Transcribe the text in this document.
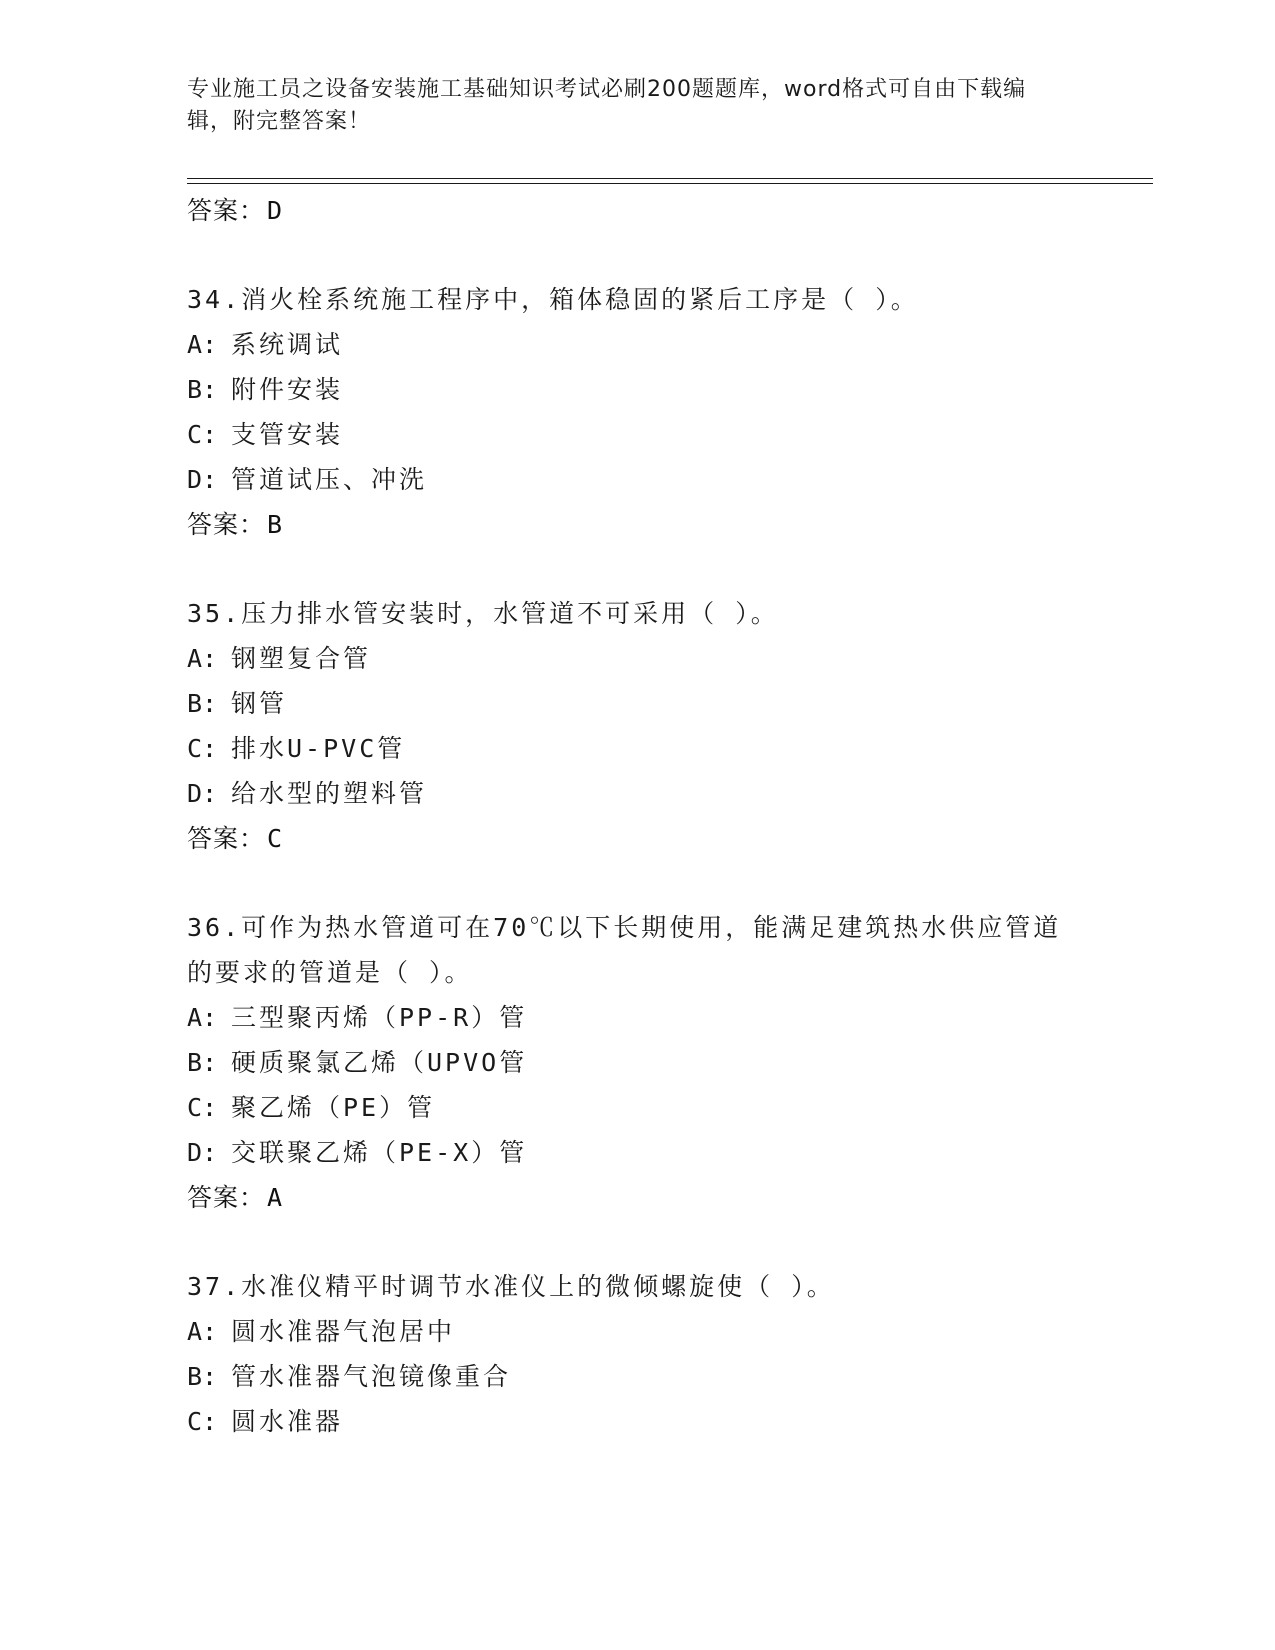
专业施工员之设备安装施工基础知识考试必刷200题题库，word格式可自由下载编辑，附完整答案！
答案：D
34.消火栓系统施工程序中，箱体稳固的紧后工序是（ ）。
A: 系统调试
B: 附件安装
C: 支管安装
D: 管道试压、冲洗
答案：B
35.压力排水管安装时，水管道不可采用（ ）。
A: 钢塑复合管
B: 钢管
C: 排水U-PVC管
D: 给水型的塑料管
答案：C
36.可作为热水管道可在70℃以下长期使用，能满足建筑热水供应管道的要求的管道是（ ）。
A: 三型聚丙烯（PP-R）管
B: 硬质聚氯乙烯（UPVO管
C: 聚乙烯（PE）管
D: 交联聚乙烯（PE-X）管
答案：A
37.水准仪精平时调节水准仪上的微倾螺旋使（ ）。
A: 圆水准器气泡居中
B: 管水准器气泡镜像重合
C: 圆水准器
